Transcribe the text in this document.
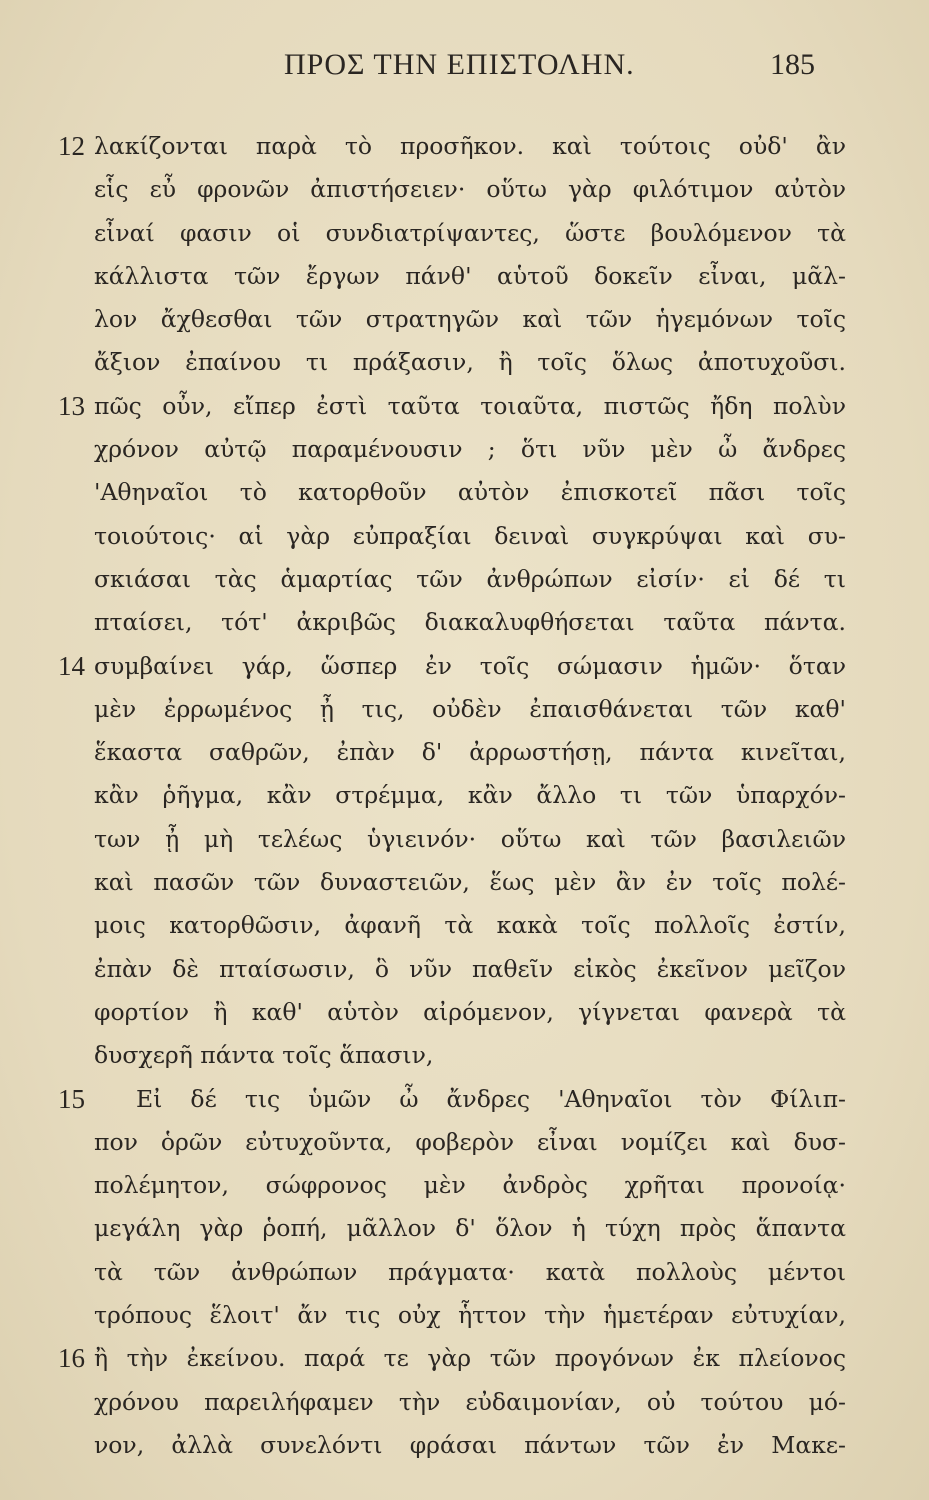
ΠΡΟΣ ΤΗΝ ΕΠΙΣΤΟΛΗΝ.	185
12 λακίζονται παρὰ τὸ προσῆκον. καὶ τούτοις οὐδ' ἂν
εἷς εὖ φρονῶν ἀπιστήσειεν· οὕτω γὰρ φιλότιμον αὐτὸν
εἶναί φασιν οἱ συνδιατρίψαντες, ὥστε βουλόμενον τὰ
κάλλιστα τῶν ἔργων πάνθ' αὑτοῦ δοκεῖν εἶναι, μᾶλ-
λον ἄχθεσθαι τῶν στρατηγῶν καὶ τῶν ἡγεμόνων τοῖς
ἄξιον ἐπαίνου τι πράξασιν, ἢ τοῖς ὅλως ἀποτυχοῦσι.
13 πῶς οὖν, εἴπερ ἐστὶ ταῦτα τοιαῦτα, πιστῶς ἤδη πολὺν
χρόνον αὐτῷ παραμένουσιν ; ὅτι νῦν μὲν ὦ ἄνδρες
'Αθηναῖοι τὸ κατορθοῦν αὐτὸν ἐπισκοτεῖ πᾶσι τοῖς
τοιούτοις· αἱ γὰρ εὐπραξίαι δειναὶ συγκρύψαι καὶ συ-
σκιάσαι τὰς ἁμαρτίας τῶν ἀνθρώπων εἰσίν· εἰ δέ τι
πταίσει, τότ' ἀκριβῶς διακαλυφθήσεται ταῦτα πάντα.
14 συμβαίνει γάρ, ὥσπερ ἐν τοῖς σώμασιν ἡμῶν· ὅταν
μὲν ἐρρωμένος ᾖ τις, οὐδὲν ἐπαισθάνεται τῶν καθ'
ἕκαστα σαθρῶν, ἐπὰν δ' ἀρρωστήσῃ, πάντα κινεῖται,
κἂν ῥῆγμα, κἂν στρέμμα, κἂν ἄλλο τι τῶν ὑπαρχόν-
των ᾖ μὴ τελέως ὑγιεινόν· οὕτω καὶ τῶν βασιλειῶν
καὶ πασῶν τῶν δυναστειῶν, ἕως μὲν ἂν ἐν τοῖς πολέ-
μοις κατορθῶσιν, ἀφανῆ τὰ κακὰ τοῖς πολλοῖς ἐστίν,
ἐπὰν δὲ πταίσωσιν, ὃ νῦν παθεῖν εἰκὸς ἐκεῖνον μεῖζον
φορτίον ἢ καθ' αὑτὸν αἰρόμενον, γίγνεται φανερὰ τὰ
δυσχερῆ πάντα τοῖς ἅπασιν,
15	Εἰ δέ τις ὑμῶν ὦ ἄνδρες 'Αθηναῖοι τὸν Φίλιπ-
πον ὁρῶν εὐτυχοῦντα, φοβερὸν εἶναι νομίζει καὶ δυσ-
πολέμητον, σώφρονος μὲν ἀνδρὸς χρῆται προνοίᾳ·
μεγάλη γὰρ ῥοπή, μᾶλλον δ' ὅλον ἡ τύχη πρὸς ἅπαντα
τὰ τῶν ἀνθρώπων πράγματα· κατὰ πολλοὺς μέντοι
τρόπους ἕλοιτ' ἄν τις οὐχ ἧττον τὴν ἡμετέραν εὐτυχίαν,
16 ἢ τὴν ἐκείνου. παρά τε γὰρ τῶν προγόνων ἐκ πλείονος
χρόνου παρειλήφαμεν τὴν εὐδαιμονίαν, οὐ τούτου μό-
νον, ἀλλὰ συνελόντι φράσαι πάντων τῶν ἐν Μακε-
